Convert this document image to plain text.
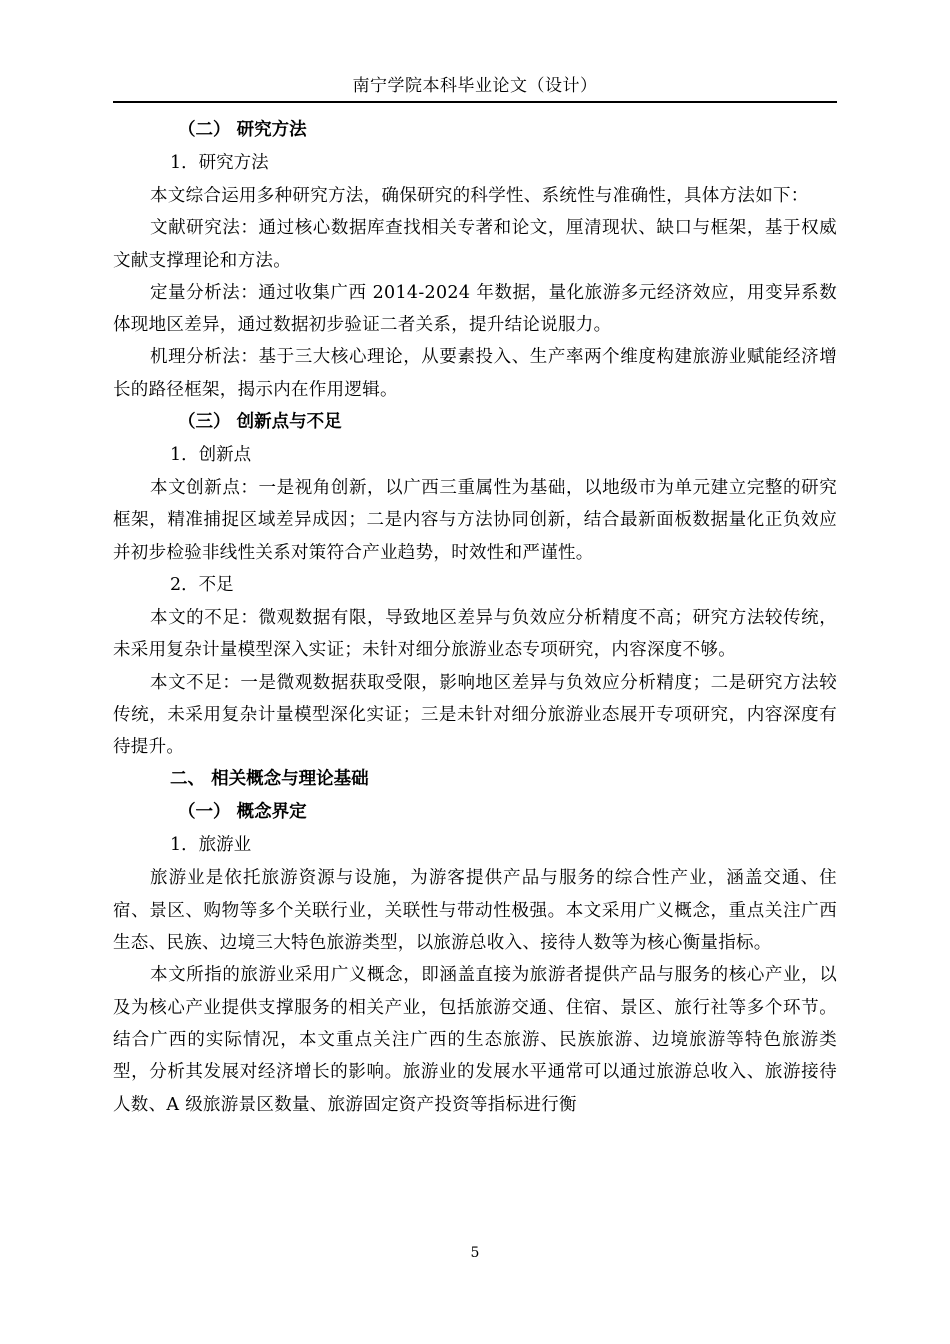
南宁学院本科毕业论文（设计）

（二） 研究方法

1．研究方法

本文综合运用多种研究方法，确保研究的科学性、系统性与准确性，具体方法如下：

文献研究法：通过核心数据库查找相关专著和论文，厘清现状、缺口与框架，基于权威文献支撑理论和方法。

定量分析法：通过收集广西 2014-2024 年数据，量化旅游多元经济效应，用变异系数体现地区差异，通过数据初步验证二者关系，提升结论说服力。

机理分析法：基于三大核心理论，从要素投入、生产率两个维度构建旅游业赋能经济增长的路径框架，揭示内在作用逻辑。

（三） 创新点与不足

1．创新点

本文创新点：一是视角创新，以广西三重属性为基础，以地级市为单元建立完整的研究框架，精准捕捉区域差异成因；二是内容与方法协同创新，结合最新面板数据量化正负效应并初步检验非线性关系对策符合产业趋势，时效性和严谨性。

2．不足

本文的不足：微观数据有限，导致地区差异与负效应分析精度不高；研究方法较传统，未采用复杂计量模型深入实证；未针对细分旅游业态专项研究，内容深度不够。

本文不足：一是微观数据获取受限，影响地区差异与负效应分析精度；二是研究方法较传统，未采用复杂计量模型深化实证；三是未针对细分旅游业态展开专项研究，内容深度有待提升。

二、 相关概念与理论基础

（一） 概念界定

1．旅游业

旅游业是依托旅游资源与设施，为游客提供产品与服务的综合性产业，涵盖交通、住宿、景区、购物等多个关联行业，关联性与带动性极强。本文采用广义概念，重点关注广西生态、民族、边境三大特色旅游类型，以旅游总收入、接待人数等为核心衡量指标。

本文所指的旅游业采用广义概念，即涵盖直接为旅游者提供产品与服务的核心产业，以及为核心产业提供支撑服务的相关产业，包括旅游交通、住宿、景区、旅行社等多个环节。结合广西的实际情况，本文重点关注广西的生态旅游、民族旅游、边境旅游等特色旅游类型，分析其发展对经济增长的影响。旅游业的发展水平通常可以通过旅游总收入、旅游接待人数、A 级旅游景区数量、旅游固定资产投资等指标进行衡

5
